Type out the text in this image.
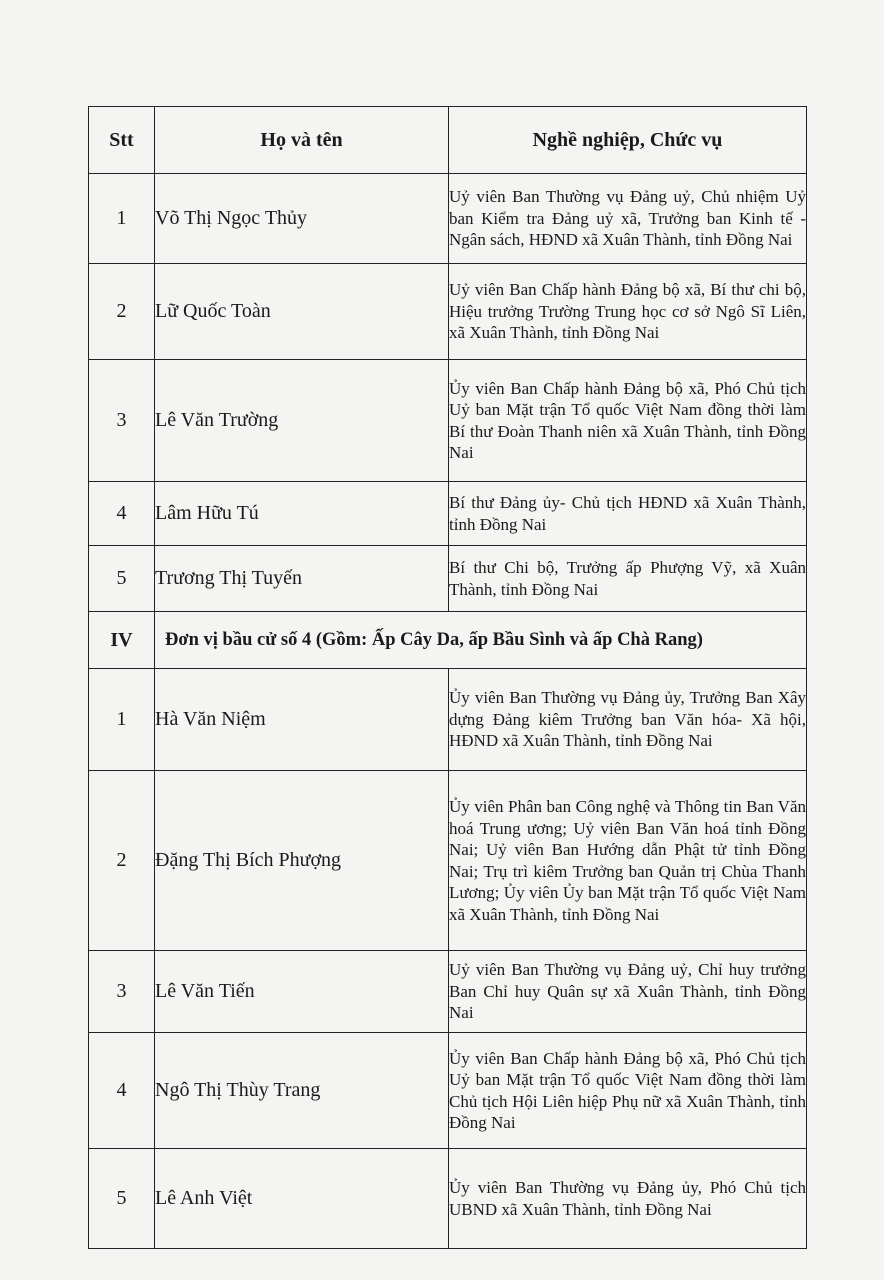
Stt	Họ và tên	Nghề nghiệp, Chức vụ
1	Võ Thị Ngọc Thủy	Uỷ viên Ban Thường vụ Đảng uỷ, Chủ nhiệm Uỷ ban Kiểm tra Đảng uỷ xã, Trưởng ban Kinh tế - Ngân sách, HĐND xã Xuân Thành, tỉnh Đồng Nai
2	Lữ Quốc Toàn	Uỷ viên Ban Chấp hành Đảng bộ xã, Bí thư chi bộ, Hiệu trưởng Trường Trung học cơ sở Ngô Sĩ Liên, xã Xuân Thành, tỉnh Đồng Nai
3	Lê Văn Trường	Ủy viên Ban Chấp hành Đảng bộ xã, Phó Chủ tịch Uỷ ban Mặt trận Tổ quốc Việt Nam đồng thời làm Bí thư Đoàn Thanh niên xã Xuân Thành, tỉnh Đồng Nai
4	Lâm Hữu Tú	Bí thư Đảng ủy- Chủ tịch HĐND xã Xuân Thành, tỉnh Đồng Nai
5	Trương Thị Tuyến	Bí thư Chi bộ, Trưởng ấp Phượng Vỹ, xã Xuân Thành, tỉnh Đồng Nai
IV	Đơn vị bầu cử số 4 (Gồm: Ấp Cây Da, ấp Bầu Sình và ấp Chà Rang)	
1	Hà Văn Niệm	Ủy viên Ban Thường vụ Đảng ủy, Trưởng Ban Xây dựng Đảng kiêm Trưởng ban Văn hóa- Xã hội, HĐND xã Xuân Thành, tỉnh Đồng Nai
2	Đặng Thị Bích Phượng	Ủy viên Phân ban Công nghệ và Thông tin Ban Văn hoá Trung ương; Uỷ viên Ban Văn hoá tỉnh Đồng Nai; Uỷ viên Ban Hướng dẫn Phật tử tỉnh Đồng Nai; Trụ trì kiêm Trưởng ban Quản trị Chùa Thanh Lương; Ủy viên Ủy ban Mặt trận Tổ quốc Việt Nam xã Xuân Thành, tỉnh Đồng Nai
3	Lê Văn Tiến	Uỷ viên Ban Thường vụ Đảng uỷ, Chỉ huy trưởng Ban Chỉ huy Quân sự xã Xuân Thành, tỉnh Đồng Nai
4	Ngô Thị Thùy Trang	Ủy viên Ban Chấp hành Đảng bộ xã, Phó Chủ tịch Uỷ ban Mặt trận Tổ quốc Việt Nam đồng thời làm Chủ tịch Hội Liên hiệp Phụ nữ xã Xuân Thành, tỉnh Đồng Nai
5	Lê Anh Việt	Ủy viên Ban Thường vụ Đảng ủy, Phó Chủ tịch UBND xã Xuân Thành, tỉnh Đồng Nai
